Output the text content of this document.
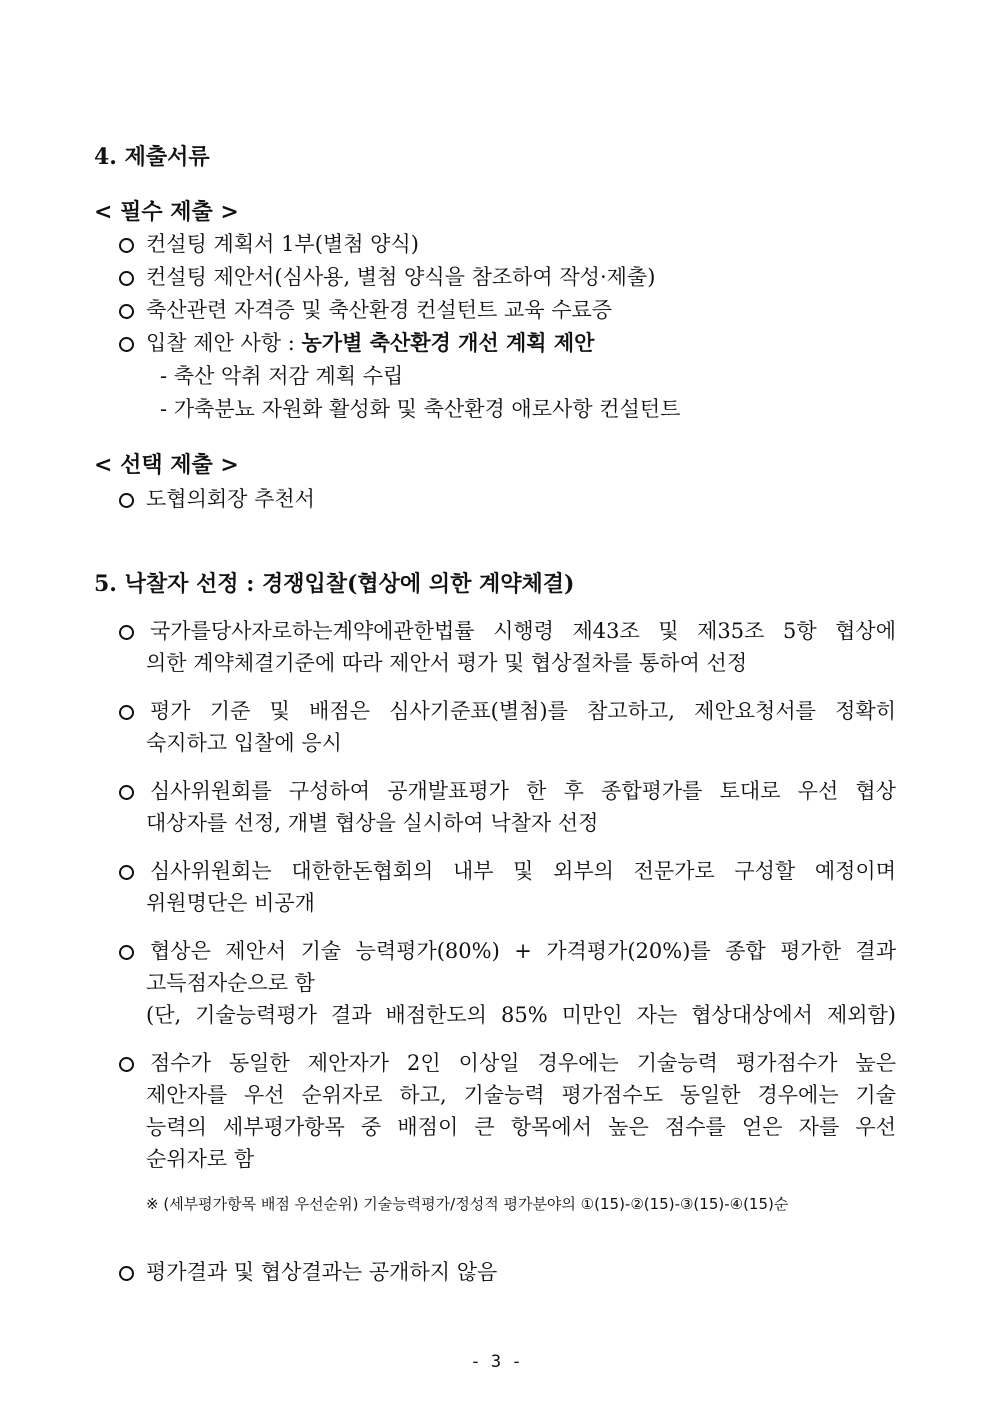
4. 제출서류
< 필수 제출 >
컨설팅 계획서 1부(별첨 양식)
컨설팅 제안서(심사용, 별첨 양식을 참조하여 작성·제출)
축산관련 자격증 및 축산환경 컨설턴트 교육 수료증
입찰 제안 사항 : 농가별 축산환경 개선 계획 제안
- 축산 악취 저감 계획 수립
- 가축분뇨 자원화 활성화 및 축산환경 애로사항 컨설턴트
< 선택 제출 >
도협의회장 추천서
5. 낙찰자 선정 : 경쟁입찰(협상에 의한 계약체결)
국가를당사자로하는계약에관한법률 시행령 제43조 및 제35조 5항 협상에
의한 계약체결기준에 따라 제안서 평가 및 협상절차를 통하여 선정
평가 기준 및 배점은 심사기준표(별첨)를 참고하고, 제안요청서를 정확히
숙지하고 입찰에 응시
심사위원회를 구성하여 공개발표평가 한 후 종합평가를 토대로 우선 협상
대상자를 선정, 개별 협상을 실시하여 낙찰자 선정
심사위원회는 대한한돈협회의 내부 및 외부의 전문가로 구성할 예정이며
위원명단은 비공개
협상은 제안서 기술 능력평가(80%) + 가격평가(20%)를 종합 평가한 결과
고득점자순으로 함
(단, 기술능력평가 결과 배점한도의 85% 미만인 자는 협상대상에서 제외함)
점수가 동일한 제안자가 2인 이상일 경우에는 기술능력 평가점수가 높은
제안자를 우선 순위자로 하고, 기술능력 평가점수도 동일한 경우에는 기술
능력의 세부평가항목 중 배점이 큰 항목에서 높은 점수를 얻은 자를 우선
순위자로 함
※ (세부평가항목 배점 우선순위) 기술능력평가/정성적 평가분야의 ①(15)-②(15)-③(15)-④(15)순
평가결과 및 협상결과는 공개하지 않음
- 3 -
